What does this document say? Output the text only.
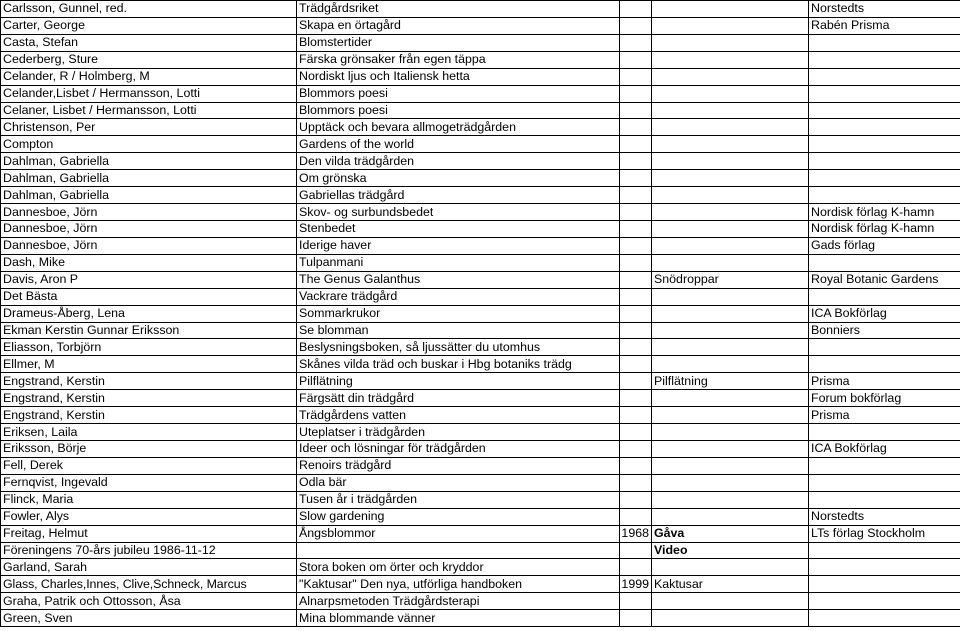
Carlsson, Gunnel, red.	Trädgårdsriket			Norstedts
Carter, George	Skapa en örtagård			Rabén Prisma
Casta, Stefan	Blomstertider			
Cederberg, Sture	Färska grönsaker från egen täppa			
Celander, R / Holmberg, M	Nordiskt ljus och Italiensk hetta			
Celander,Lisbet / Hermansson, Lotti	Blommors poesi			
Celaner, Lisbet / Hermansson, Lotti	Blommors poesi			
Christenson, Per	Upptäck och bevara allmogeträdgården			
Compton	Gardens of the world			
Dahlman, Gabriella	Den vilda trädgården			
Dahlman, Gabriella	Om grönska			
Dahlman, Gabriella	Gabriellas trädgård			
Dannesboe, Jörn	Skov- og surbundsbedet			Nordisk förlag K-hamn
Dannesboe, Jörn	Stenbedet			Nordisk förlag K-hamn
Dannesboe, Jörn	Iderige haver			Gads förlag
Dash, Mike	Tulpanmani			
Davis, Aron P	The Genus Galanthus		Snödroppar	Royal Botanic Gardens
Det Bästa	Vackrare trädgård			
Drameus-Åberg, Lena	Sommarkrukor			ICA Bokförlag
Ekman Kerstin Gunnar Eriksson	Se blomman			Bonniers
Eliasson, Torbjörn	Beslysningsboken, så ljussätter du utomhus			
Ellmer, M	Skånes vilda träd och buskar i Hbg botaniks trädg			
Engstrand, Kerstin	Pilflätning		Pilflätning	Prisma
Engstrand, Kerstin	Färgsätt din trädgård			Forum bokförlag
Engstrand, Kerstin	Trädgårdens vatten			Prisma
Eriksen, Laila	Uteplatser i trädgården			
Eriksson, Börje	Ideer och lösningar för trädgården			ICA Bokförlag
Fell, Derek	Renoirs trädgård			
Fernqvist, Ingevald	Odla bär			
Flinck, Maria	Tusen år i trädgården			
Fowler, Alys	Slow gardening			Norstedts
Freitag, Helmut	Ångsblommor	1968	Gåva	LTs förlag Stockholm
Föreningens 70-års jubileu 1986-11-12			Video	
Garland, Sarah	Stora boken om örter och kryddor			
Glass, Charles,Innes, Clive,Schneck, Marcus	"Kaktusar" Den nya, utförliga handboken	1999	Kaktusar	
Graha, Patrik och Ottosson, Åsa	Alnarpsmetoden Trädgårdsterapi			
Green, Sven	Mina blommande vänner			
